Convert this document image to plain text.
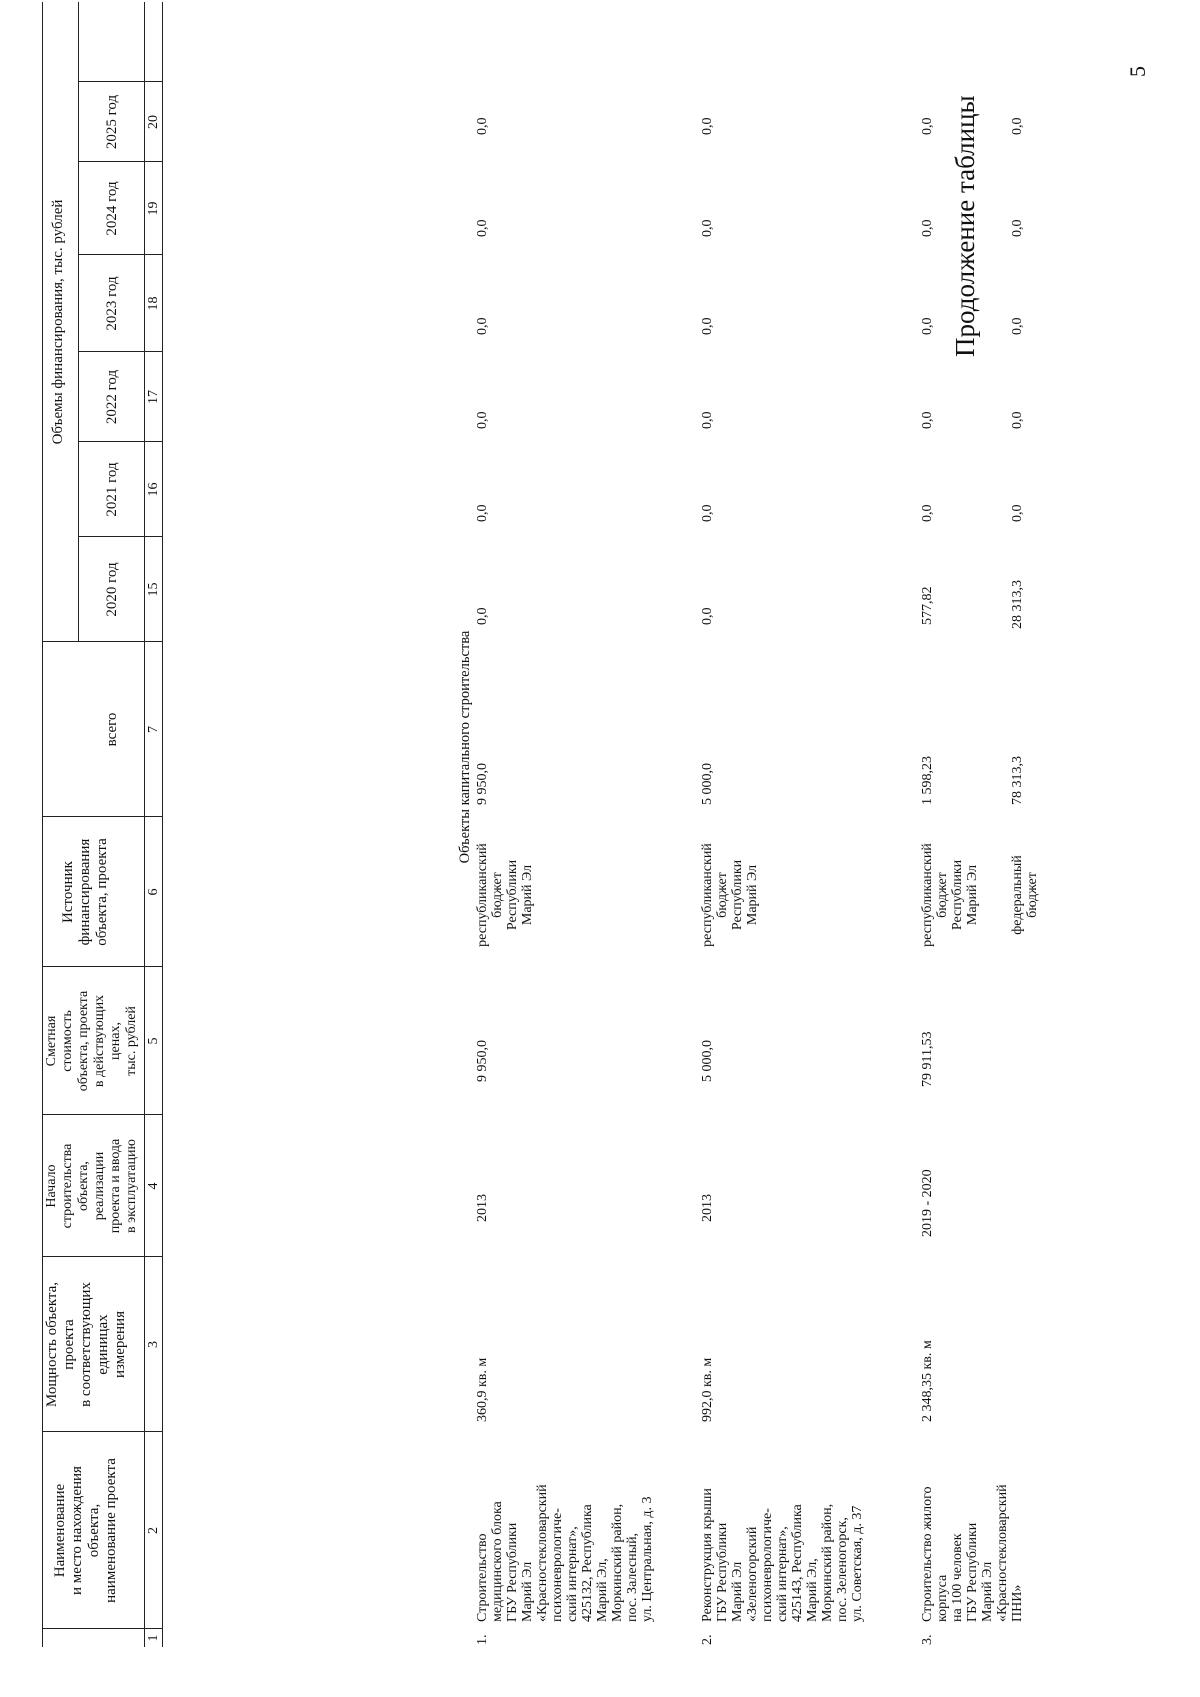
5
Продолжение таблицы
Наименование
и место нахождения
объекта,
наименование проекта
Мощность объекта,
проекта
в соответствующих
единицах
измерения
Начало
строительства
объекта,
реализации
проекта и ввода
в эксплуатацию
Сметная
стоимость
объекта, проекта
в действующих
ценах,
тыс. рублей
Источник
финансирования
объекта, проекта
Объемы финансирования, тыс. рублей
всего
2020 год
2021 год
2022 год
2023 год
2024 год
2025 год
1
2
3
4
5
6
7
15
16
17
18
19
20
Объекты капитального строительства
1.
Строительство
медицинского блока
ГБУ Республики
Марий Эл
«Красностекловарский
психоневрологиче-
ский интернат»,
425132, Республика
Марий Эл,
Моркинский район,
пос. Залесный,
ул. Центральная, д. 3
360,9 кв. м
2013
9 950,0
республиканский
бюджет
Республики
Марий Эл
9 950,0
0,0
0,0
0,0
0,0
0,0
0,0
2.
Реконструкция крыши
ГБУ Республики
Марий Эл
«Зеленогорский
психоневрологиче-
ский интернат»,
425143, Республика
Марий Эл,
Моркинский район,
пос. Зеленогорск,
ул. Советская, д. 37
992,0 кв. м
2013
5 000,0
республиканский
бюджет
Республики
Марий Эл
5 000,0
0,0
0,0
0,0
0,0
0,0
0,0
3.
Строительство жилого
корпуса
на 100 человек
ГБУ Республики
Марий Эл
«Красностекловарский
ПНИ»
2 348,35 кв. м
2019 - 2020
79 911,53
республиканский
бюджет
Республики
Марий Эл федеральный
бюджет
1 598,23
577,82
0,0
0,0
0,0
0,0
0,0
78 313,3
28 313,3
0,0
0,0
0,0
0,0
0,0
